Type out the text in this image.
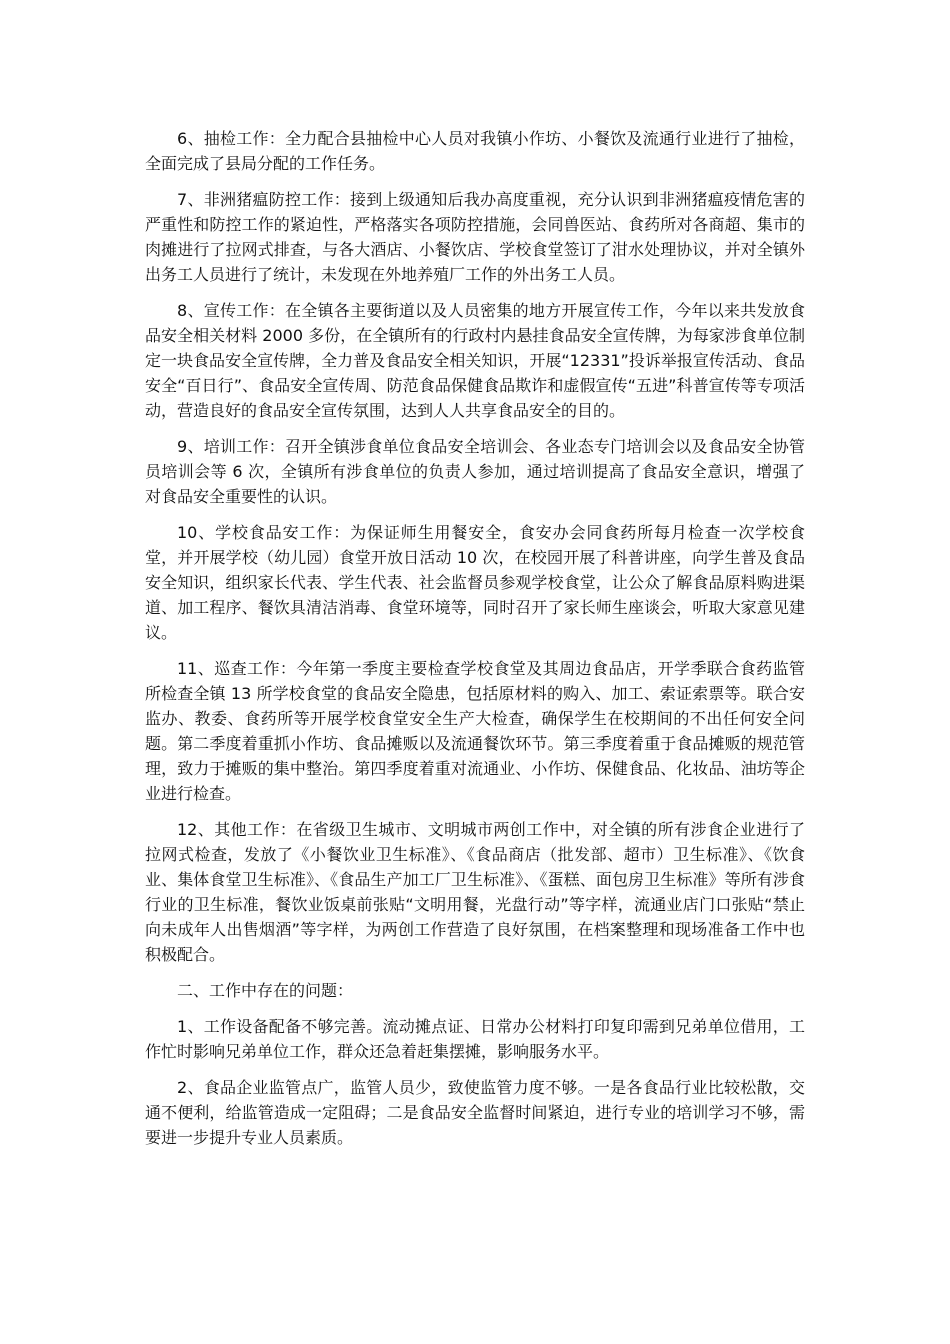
6、抽检工作：全力配合县抽检中心人员对我镇小作坊、小餐饮及流通行业进行了抽检，全面完成了县局分配的工作任务。

7、非洲猪瘟防控工作：接到上级通知后我办高度重视，充分认识到非洲猪瘟疫情危害的严重性和防控工作的紧迫性，严格落实各项防控措施，会同兽医站、食药所对各商超、集市的肉摊进行了拉网式排查，与各大酒店、小餐饮店、学校食堂签订了泔水处理协议，并对全镇外出务工人员进行了统计，未发现在外地养殖厂工作的外出务工人员。

8、宣传工作：在全镇各主要街道以及人员密集的地方开展宣传工作，今年以来共发放食品安全相关材料 2000 多份，在全镇所有的行政村内悬挂食品安全宣传牌，为每家涉食单位制定一块食品安全宣传牌，全力普及食品安全相关知识，开展“12331”投诉举报宣传活动、食品安全“百日行”、食品安全宣传周、防范食品保健食品欺诈和虚假宣传“五进”科普宣传等专项活动，营造良好的食品安全宣传氛围，达到人人共享食品安全的目的。

9、培训工作：召开全镇涉食单位食品安全培训会、各业态专门培训会以及食品安全协管员培训会等 6 次，全镇所有涉食单位的负责人参加，通过培训提高了食品安全意识，增强了对食品安全重要性的认识。

10、学校食品安工作：为保证师生用餐安全，食安办会同食药所每月检查一次学校食堂，并开展学校（幼儿园）食堂开放日活动 10 次，在校园开展了科普讲座，向学生普及食品安全知识，组织家长代表、学生代表、社会监督员参观学校食堂，让公众了解食品原料购进渠道、加工程序、餐饮具清洁消毒、食堂环境等，同时召开了家长师生座谈会，听取大家意见建议。

11、巡查工作：今年第一季度主要检查学校食堂及其周边食品店，开学季联合食药监管所检查全镇 13 所学校食堂的食品安全隐患，包括原材料的购入、加工、索证索票等。联合安监办、教委、食药所等开展学校食堂安全生产大检查，确保学生在校期间的不出任何安全问题。第二季度着重抓小作坊、食品摊贩以及流通餐饮环节。第三季度着重于食品摊贩的规范管理，致力于摊贩的集中整治。第四季度着重对流通业、小作坊、保健食品、化妆品、油坊等企业进行检查。

12、其他工作：在省级卫生城市、文明城市两创工作中，对全镇的所有涉食企业进行了拉网式检查，发放了《小餐饮业卫生标准》、《食品商店（批发部、超市）卫生标准》、《饮食业、集体食堂卫生标准》、《食品生产加工厂卫生标准》、《蛋糕、面包房卫生标准》等所有涉食行业的卫生标准，餐饮业饭桌前张贴“文明用餐，光盘行动”等字样，流通业店门口张贴“禁止向未成年人出售烟酒”等字样，为两创工作营造了良好氛围，在档案整理和现场准备工作中也积极配合。

二、工作中存在的问题：

1、工作设备配备不够完善。流动摊点证、日常办公材料打印复印需到兄弟单位借用，工作忙时影响兄弟单位工作，群众还急着赶集摆摊，影响服务水平。

2、食品企业监管点广，监管人员少，致使监管力度不够。一是各食品行业比较松散，交通不便利，给监管造成一定阻碍；二是食品安全监督时间紧迫，进行专业的培训学习不够，需要进一步提升专业人员素质。
